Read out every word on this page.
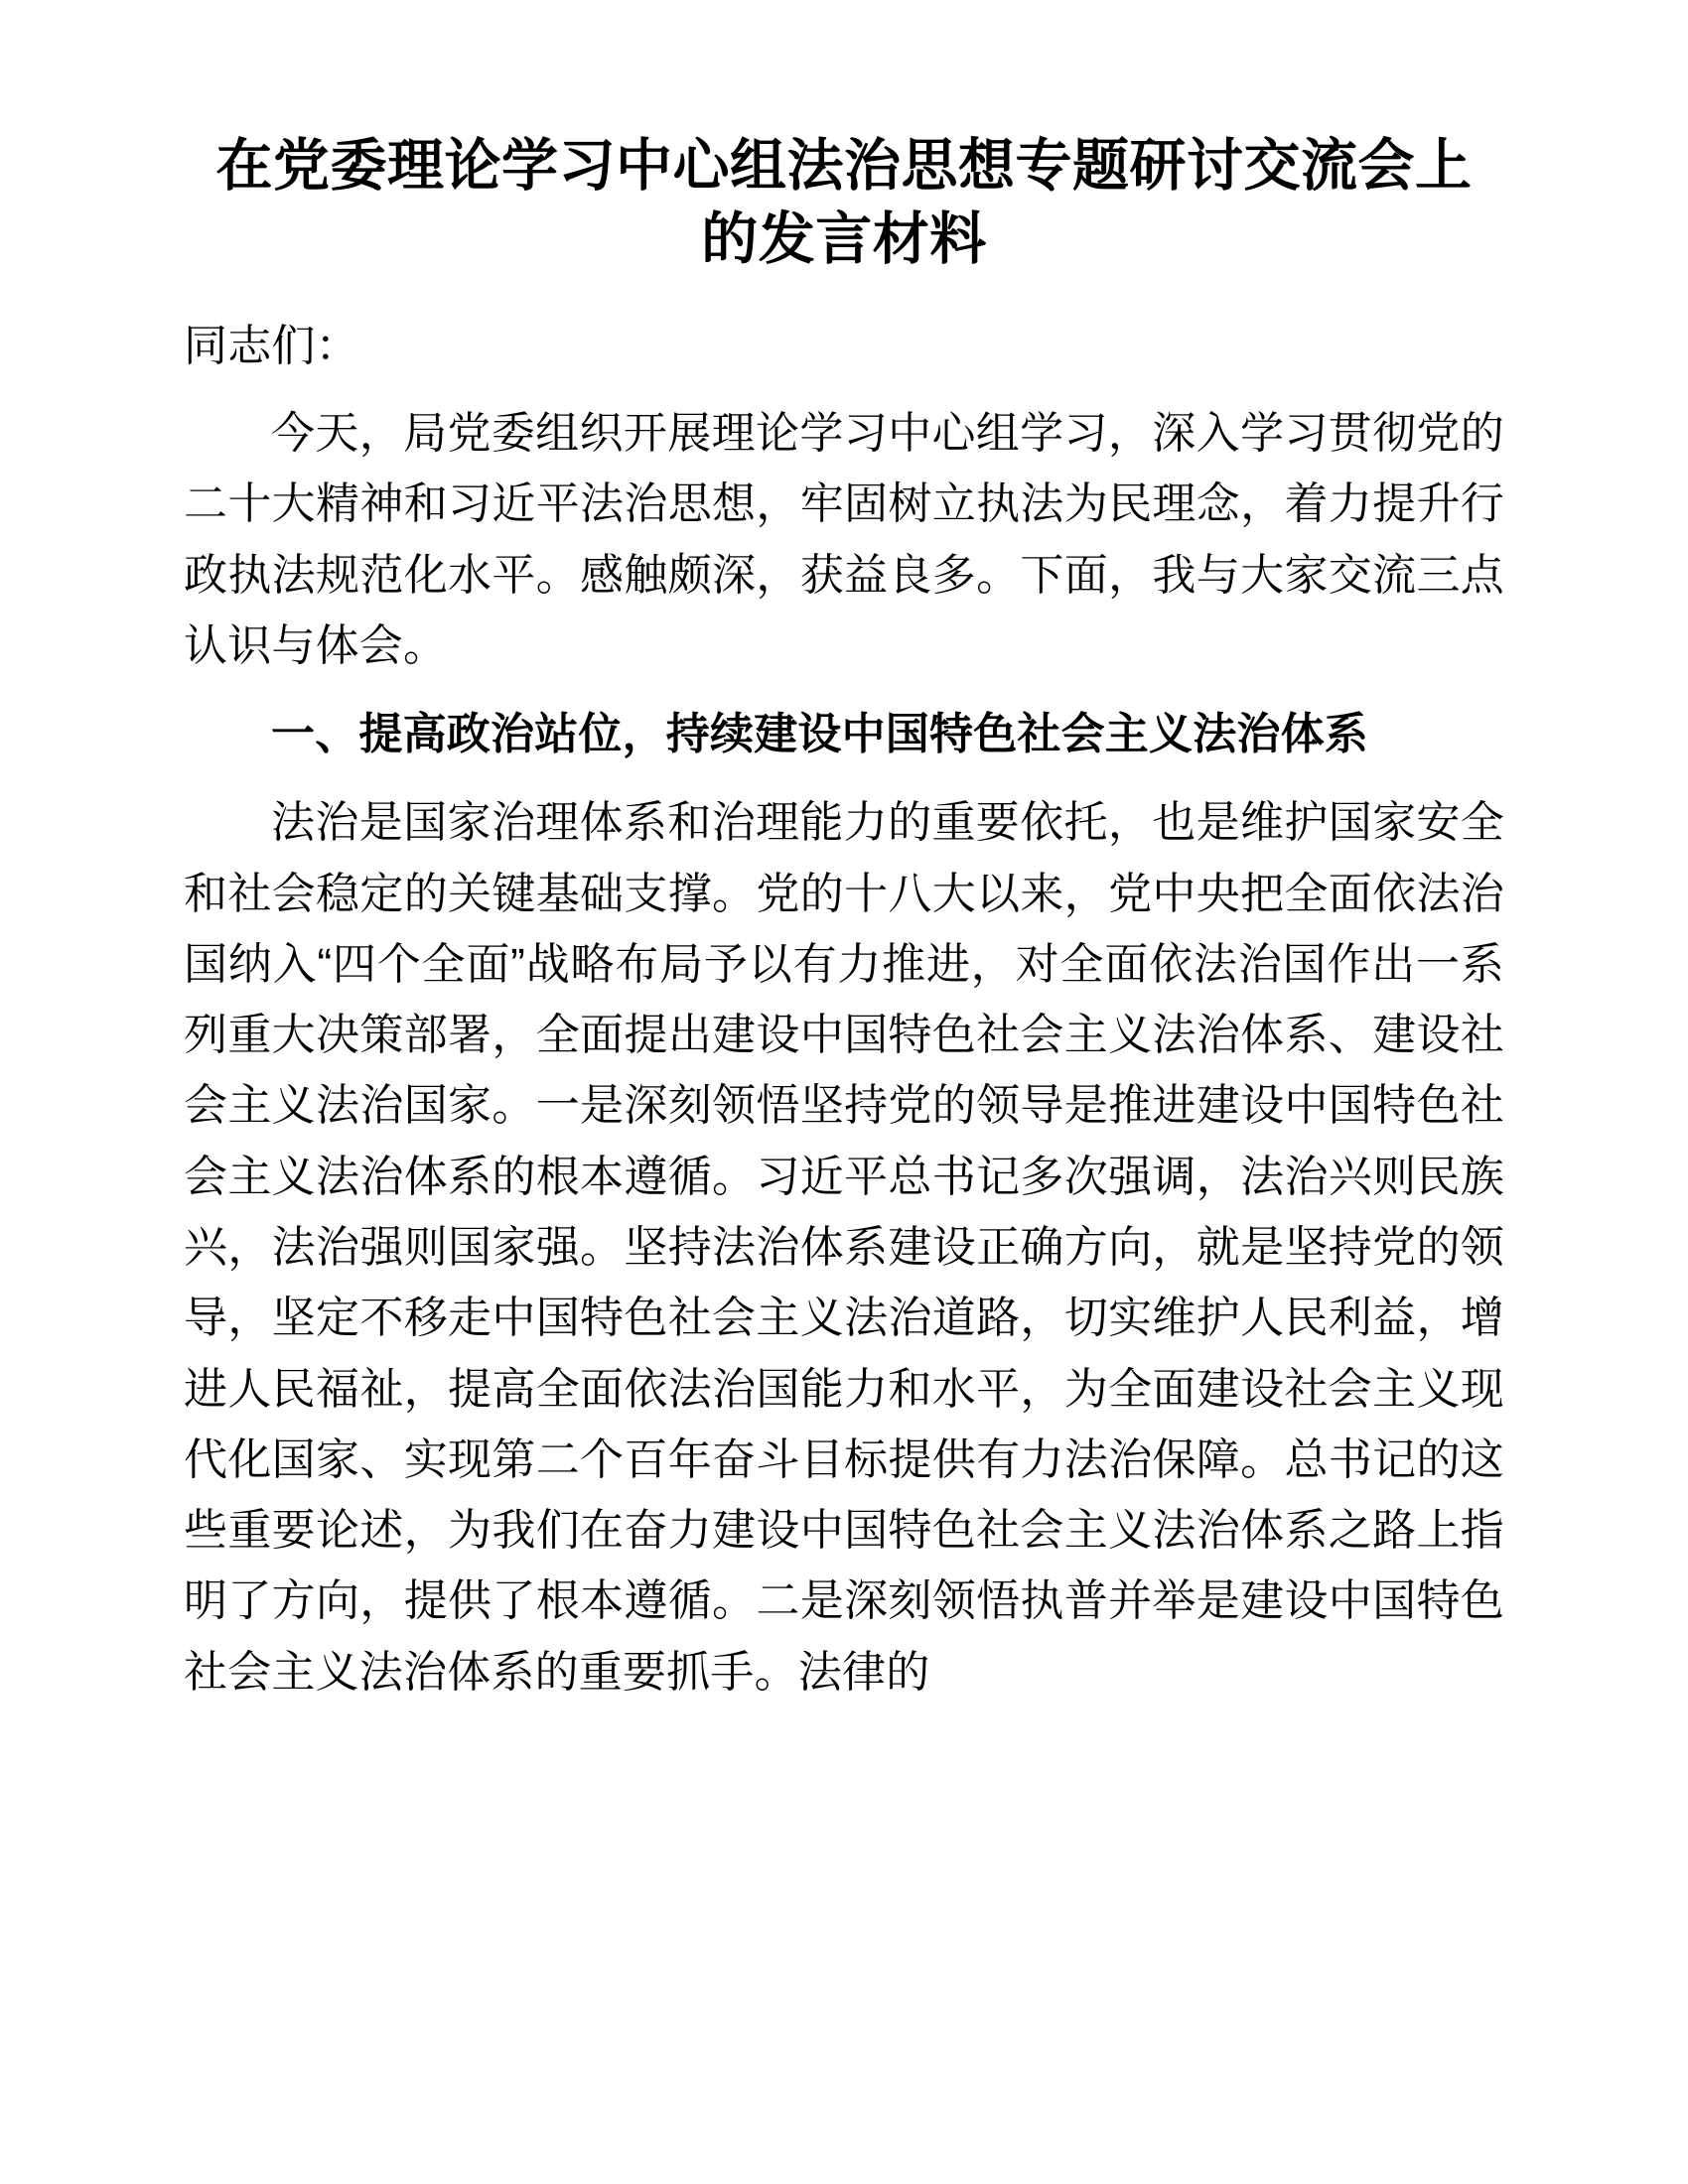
在党委理论学习中心组法治思想专题研讨交流会上的发言材料

同志们：

今天，局党委组织开展理论学习中心组学习，深入学习贯彻党的二十大精神和习近平法治思想，牢固树立执法为民理念，着力提升行政执法规范化水平。感触颇深，获益良多。下面，我与大家交流三点认识与体会。

一、提高政治站位，持续建设中国特色社会主义法治体系

法治是国家治理体系和治理能力的重要依托，也是维护国家安全和社会稳定的关键基础支撑。党的十八大以来，党中央把全面依法治国纳入“四个全面”战略布局予以有力推进，对全面依法治国作出一系列重大决策部署，全面提出建设中国特色社会主义法治体系、建设社会主义法治国家。一是深刻领悟坚持党的领导是推进建设中国特色社会主义法治体系的根本遵循。习近平总书记多次强调，法治兴则民族兴，法治强则国家强。坚持法治体系建设正确方向，就是坚持党的领导，坚定不移走中国特色社会主义法治道路，切实维护人民利益，增进人民福祉，提高全面依法治国能力和水平，为全面建设社会主义现代化国家、实现第二个百年奋斗目标提供有力法治保障。总书记的这些重要论述，为我们在奋力建设中国特色社会主义法治体系之路上指明了方向，提供了根本遵循。二是深刻领悟执普并举是建设中国特色社会主义法治体系的重要抓手。法律的
